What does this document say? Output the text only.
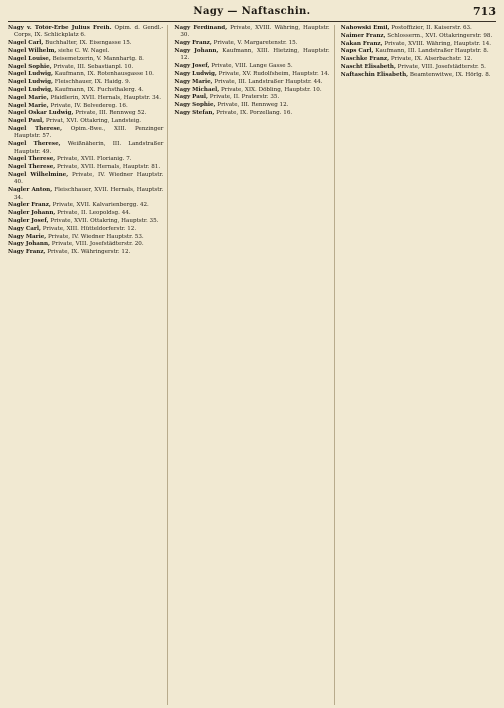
Nagy — Naftaschin.	713
Nagy v. Tötör-Erbe Julius Freih. Opim. d. Gendl.-Corps, IX. Schlickplatz 6.
Nagel Carl, Buchhalter, IX. Eisengasse 15.
Nagel Wilhelm, siehe C. W. Nagel.
Nagel Louise, Beisemetzerin, V. Mannhartg. 8.
Nagel Sophie, Private, III. Sebastianpl. 10.
Nagel Ludwig, Kaufmann, IX. Rotenhausgasse 10.
Nagel Ludwig, Fleischhauer, IX. Haidg. 9.
Nagel Ludwig, Kaufmann, IX. Fuchsthalerg. 4.
Nagel Marie, Pfaidlerin, XVII. Hernals, Hauptstr. 34.
Nagel Marie, Private, IV. Belvedereg. 16.
Nagel Oskar Ludwig, Private, III. Rennweg 52.
Nagel Paul, Privat, XVI. Ottakring, Landsteig.
Nagel Therese, Opim.-Bwe., XIII. Penzinger Hauptstr. 57.
Nagel Therese, Weißnäherin, III. Landstraßer Hauptstr. 49.
Nagel Therese, Private, XVII. Florianig. 7.
Nagel Therese, Private, XVII. Hernals, Hauptstr. 81.
Nagel Wilhelmine, Private, IV. Wiedner Hauptstr. 40.
Nagler Anton, Fleischhauer, XVII. Hernals, Hauptstr. 34.
Nagler Franz, Private, XVII. Kalvarienbergg. 42.
Nagler Johann, Private, II. Leopoldsg. 44.
Nagler Josef, Private, XVII. Ottakring, Hauptstr. 35.
Nagy Carl, Private, XIII. Hütteldorferstr. 12.
Nagy Marie, Private, IV. Wiedner Hauptstr. 53.
Nagy Johann, Private, VIII. Josefstädterstr. 20.
Nagy Franz, Private, IX. Währingerstr. 12.
Nagy Ferdinand, Private, XVIII. Währing, Hauptstr. 30.
Nagy Franz, Private, V. Margaretenstr. 15.
Nagy Johann, Kaufmann, XIII. Hietzing, Hauptstr. 12.
Nagy Josef, Private, VIII. Lange Gasse 5.
Nagy Ludwig, Private, XV. Rudolfsheim, Hauptstr. 14.
Nagy Marie, Private, III. Landstraßer Hauptstr. 44.
Nagy Michael, Private, XIX. Döbling, Hauptstr. 10.
Nagy Paul, Private, II. Praterstr. 35.
Nagy Sophie, Private, III. Rennweg 12.
Nagy Stefan, Private, IX. Porzellang. 16.
Nahowski Emil, Postoffizier, II. Kaiserstr. 63.
Naimer Franz, Schlosserm., XVI. Ottakringerstr. 98.
Nakan Franz, Private, XVIII. Währing, Hauptstr. 14.
Naps Carl, Kaufmann, III. Landstraßer Hauptstr. 8.
Naschke Franz, Private, IX. Alserbachstr. 12.
Nascht Elisabeth, Private, VIII. Josefstädterstr. 5.
Naftaschin Elisabeth, Beamtenwitwe, IX. Hörlg. 8.
